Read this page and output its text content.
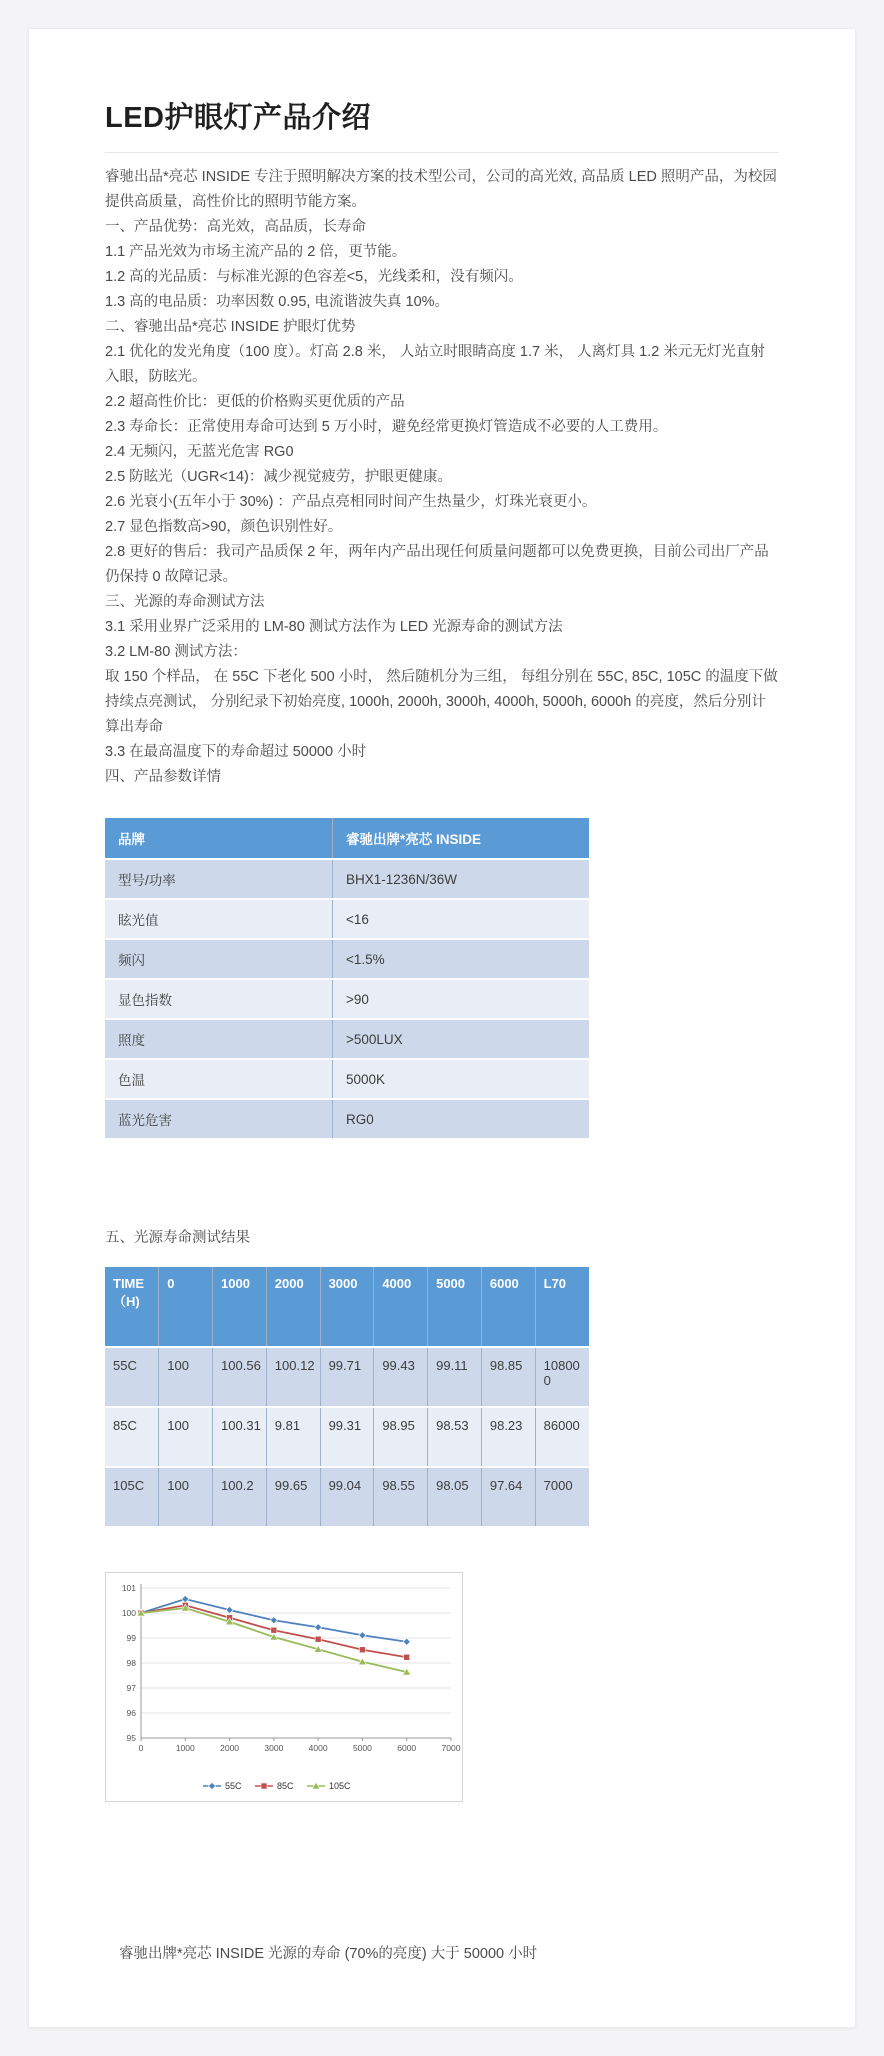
LED护眼灯产品介绍

睿驰出品*亮芯 INSIDE 专注于照明解决方案的技术型公司，公司的高光效, 高品质 LED 照明产品，为校园提供高质量，高性价比的照明节能方案。

一、产品优势：高光效，高品质，长寿命

1.1 产品光效为市场主流产品的 2 倍，更节能。

1.2 高的光品质：与标准光源的色容差<5，光线柔和，没有频闪。

1.3 高的电品质：功率因数 0.95, 电流谐波失真 10%。

二、睿驰出品*亮芯 INSIDE 护眼灯优势

2.1 优化的发光角度（100 度）。灯高 2.8 米， 人站立时眼睛高度 1.7 米， 人离灯具 1.2 米元无灯光直射入眼，防眩光。

2.2 超高性价比：更低的价格购买更优质的产品

2.3 寿命长：正常使用寿命可达到 5 万小时，避免经常更换灯管造成不必要的人工费用。

2.4 无频闪，无蓝光危害 RG0

2.5 防眩光（UGR<14)：减少视觉疲劳，护眼更健康。

2.6 光衰小(五年小于 30%) ：产品点亮相同时间产生热量少，灯珠光衰更小。

2.7 显色指数高>90，颜色识别性好。

2.8 更好的售后：我司产品质保 2 年，两年内产品出现任何质量问题都可以免费更换，目前公司出厂产品仍保持 0 故障记录。

三、光源的寿命测试方法

3.1 采用业界广泛采用的 LM-80 测试方法作为 LED 光源寿命的测试方法

3.2 LM-80 测试方法：

取 150 个样品， 在 55C 下老化 500 小时， 然后随机分为三组， 每组分别在 55C, 85C, 105C 的温度下做持续点亮测试， 分别纪录下初始亮度, 1000h, 2000h, 3000h, 4000h, 5000h, 6000h 的亮度，然后分别计算出寿命

3.3 在最高温度下的寿命超过 50000 小时

四、产品参数详情

品牌	睿驰出牌*亮芯 INSIDE
型号/功率	BHX1-1236N/36W
眩光值	<16
频闪	<1.5%
显色指数	>90
照度	>500LUX
色温	5000K
蓝光危害	RG0
五、光源寿命测试结果
TIME（H)	0	1000	2000	3000	4000	5000	6000	L70
55C	100	100.56	100.12	99.71	99.43	99.11	98.85	108000
85C	100	100.31	9.81	99.31	98.95	98.53	98.23	86000
105C	100	100.2	99.65	99.04	98.55	98.05	97.64	7000
95
96
97
98
99
100
101
0	1000	2000	3000	4000	5000	6000	7000
55C	85C	105C
睿驰出牌*亮芯 INSIDE 光源的寿命 (70%的亮度) 大于 50000 小时
